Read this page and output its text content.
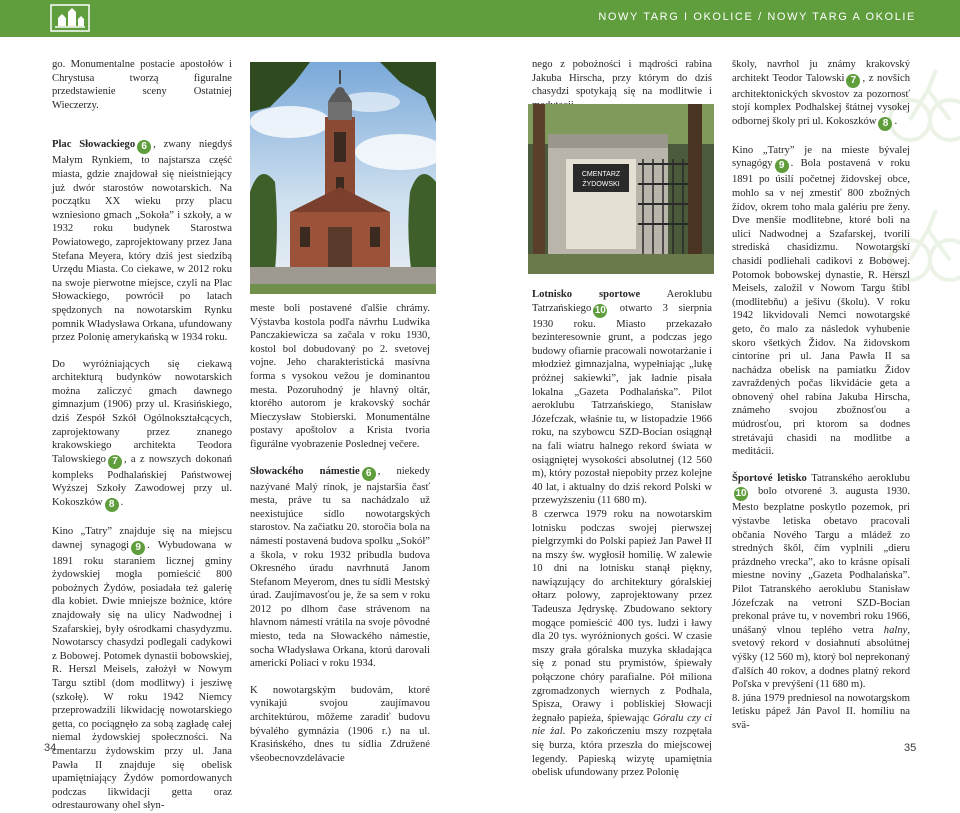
go. Monumentalne postacie apostołów i Chrystusa tworzą figuralne przedstawienie sceny Ostatniej Wieczerzy.

Plac Słowackiego 6 , zwany niegdyś Małym Rynkiem, to najstarsza część miasta, gdzie znajdował się nieistniejący już dwór starostów nowotarskich. Na początku XX wieku przy placu wzniesiono gmach „Sokoła” i szkoły, a w 1932 roku budynek Starostwa Powiatowego, zaprojektowany przez Jana Stefana Meyera, który dziś jest siedzibą Urzędu Miasta. Co ciekawe, w 2012 roku na swoje pierwotne miejsce, czyli na Plac Słowackiego, powrócił po latach spędzonych na nowotarskim Rynku pomnik Władysława Orkana, ufundowany przez Polonię amerykańską w 1934 roku.

Do wyróżniających się ciekawą architekturą budynków nowotarskich można zaliczyć gmach dawnego gimnazjum (1906) przy ul. Krasińskiego, dziś Zespół Szkół Ogólnokształcących, zaprojektowany przez znanego krakowskiego architekta Teodora Talowskiego 7 , a z nowszych dokonań kompleks Podhalańskiej Państwowej Wyższej Szkoły Zawodowej przy ul. Kokoszków 8 .

Kino „Tatry” znajduje się na miejscu dawnej synagogi 9 . Wybudowana w 1891 roku staraniem licznej gminy żydowskiej mogła pomieścić 800 pobożnych Żydów, posiadała też galerię dla kobiet. Dwie mniejsze bożnice, które znajdowały się na ulicy Nadwodnej i Szafarskiej, były ośrodkami chasydyzmu. Nowotarscy chasydzi podlegali cadykowi z Bobowej. Potomek dynastii bobowskiej, R. Herszl Meisels, założył w Nowym Targu sztibl (dom modlitwy) i jesziwę (szkołę). W roku 1942 Niemcy przeprowadzili likwidację nowotarskiego getta, co pociągnęło za sobą zagładę całej niemal żydowskiej społeczności. Na cmentarzu żydowskim przy ul. Jana Pawła II znajduje się obelisk upamiętniający Żydów pomordowanych podczas likwidacji getta oraz odrestaurowany ohel słyn-

meste boli postavené ďalšie chrámy. Výstavba kostola podľa návrhu Ludwika Panczakiewicza sa začala v roku 1930, kostol bol dobudovaný po 2. svetovej vojne. Jeho charakteristická masívna forma s vysokou vežou je dominantou mesta. Pozoruhodný je hlavný oltár, ktorého autorom je krakovský sochár Mieczysław Stobierski. Monumentálne postavy apoštolov a Krista tvoria figurálne vyobrazenie Poslednej večere.

Słowackého námestie 6 , niekedy nazývané Malý rínok, je najstaršia časť mesta, práve tu sa nachádzalo už neexistujúce sídlo nowotargských starostov. Na začiatku 20. storočia bola na námestí postavená budova spolku „Sokół” a škola, v roku 1932 pribudla budova Okresného úradu navrhnutá Janom Stefanom Meyerom, dnes tu sídli Mestský úrad. Zaujímavosťou je, že sa sem v roku 2012 po dlhom čase strávenom na hlavnom námestí vrátila na svoje pôvodné miesto, teda na Słowackého námestie, socha Władysława Orkana, ktorú darovali americkí Poliaci v roku 1934.

K nowotargským budovám, ktoré vynikajú svojou zaujímavou architektúrou, môžeme zaradiť budovu bývalého gymnázia (1906 r.) na ul. Krasińského, dnes tu sídlia Združené všeobecnovzdelávacie

34
NOWY TARG I OKOLICE / NOWY TARG A OKOLIE

nego z pobożności i mądrości rabina Jakuba Hirscha, przy którym do dziś chasydzi spotykają się na modlitwie i

CMENTARZ
ŻYDOWSKI

Lotnisko sportowe Aeroklubu Tatrzańskiego 10 otwarto 3 sierpnia 1930 roku. Miasto przekazało bezinteresownie grunt, a podczas jego budowy ofiarnie pracowali nowotarżanie i młodzież gimnazjalna, wypełniając „lukę próżnej sakiewki”, jak ładnie pisała lokalna „Gazeta Podhalańska”. Pilot aeroklubu Tatrzańskiego, Stanisław Józefczak, właśnie tu, w listopadzie 1966 roku, na szybowcu SZD-Bocian osiągnął na fali wiatru halnego rekord świata w osiągniętej wysokości absolutnej (12 560 m), który pozostał niepobity przez kolejne 40 lat, i aktualny do dziś rekord Polski w przewyższeniu (11 680 m).

8 czerwca 1979 roku na nowotarskim lotnisku podczas swojej pierwszej pielgrzymki do Polski papież Jan Paweł II na mszy św. wygłosił homilię. W zalewie 10 dni na lotnisku stanął piękny, nawiązujący do architektury góralskiej ołtarz polowy, zaprojektowany przez Tadeusza Jędryskę. Zbudowano sektory mogące pomieścić 400 tys. ludzi i ławy dla 20 tys. wyróżnionych gości. W czasie mszy grała góralska muzyka składająca się z ponad stu prymistów, śpiewały połączone chóry parafialne. Pół miliona zgromadzonych wiernych z Podhala, Spisza, Orawy i pobliskiej Słowacji żegnało papieża, śpiewając Góralu czy ci nie żal. Po zakończeniu mszy rozpętała się burza, która przeszła do miejscowej legendy. Papieską wizytę upamiętnia obelisk ufundowany przez Polonię

školy, navrhol ju známy krakovský architekt Teodor Talowski 7 , z novších architektonických skvostov za pozornosť stojí komplex Podhalskej štátnej vysokej odbornej školy pri ul. Kokoszków 8 .

Kino „Tatry” je na mieste bývalej synagógy 9 . Bola postavená v roku 1891 po úsilí početnej židovskej obce, mohlo sa v nej zmestiť 800 zbožných židov, okrem toho mala galériu pre ženy. Dve menšie modlitebne, ktoré boli na ulici Nadwodnej a Szafarskej, tvorili strediská chasidizmu. Nowotargskí chasidi podliehali cadikovi z Bobowej. Potomok bobowskej dynastie, R. Herszl Meisels, založil v Nowom Targu štibl (modlitebňu) a ješivu (školu). V roku 1942 likvidovali Nemci nowotargské geto, čo malo za následok vyhubenie skoro všetkých Židov. Na židovskom cintoríne pri ul. Jana Pawła II sa nachádza obelisk na pamiatku Židov zavraždených počas likvidácie geta a obnovený ohel rabína Jakuba Hirscha, známeho svojou zbožnosťou a múdrosťou, pri ktorom sa dodnes stretávajú chasidi na modlitbe a meditácii.

Športové letisko Tatranského aeroklubu10 bolo otvorené 3. augusta 1930. Mesto bezplatne poskytlo pozemok, pri výstavbe letiska obetavo pracovali občania Nového Targu a mládež zo stredných škôl, čím vyplnili „dieru prázdneho vrecka”, ako to krásne opísali miestne noviny „Gazeta Podhalańska”. Pilot Tatranského aeroklubu Stanisław Józefczak na vetroni SZD-Bocian prekonal práve tu, v novembri roku 1966, unášaný vlnou teplého vetra halny, svetový rekord v dosiahnutí absolútnej výšky (12 560 m), ktorý bol neprekonaný ďalších 40 rokov, a dodnes platný rekord Poľska v prevýšení (11 680 m).

8. júna 1979 predniesol na nowotargskom letisku pápež Ján Pavol II. homíliu na svä-

35
